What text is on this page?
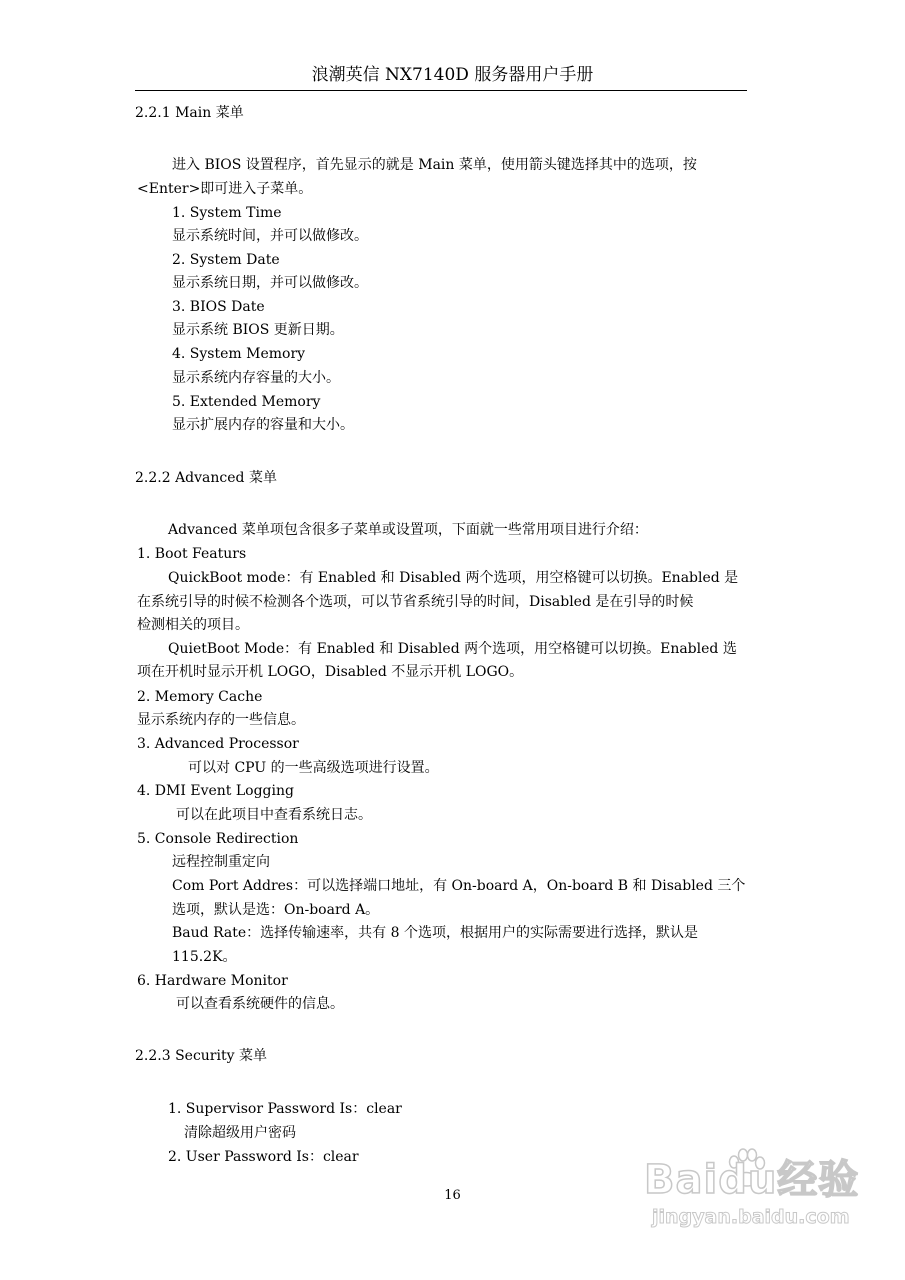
浪潮英信 NX7140D 服务器用户手册
2.2.1 Main 菜单
进入 BIOS 设置程序，首先显示的就是 Main 菜单，使用箭头键选择其中的选项，按
<Enter>即可进入子菜单。
1. System Time
显示系统时间，并可以做修改。
2. System Date
显示系统日期，并可以做修改。
3. BIOS Date
显示系统 BIOS 更新日期。
4. System Memory
显示系统内存容量的大小。
5. Extended Memory
显示扩展内存的容量和大小。
2.2.2 Advanced 菜单
Advanced 菜单项包含很多子菜单或设置项，下面就一些常用项目进行介绍：
1. Boot Featurs
QuickBoot mode：有 Enabled 和 Disabled 两个选项，用空格键可以切换。Enabled 是
在系统引导的时候不检测各个选项，可以节省系统引导的时间，Disabled 是在引导的时候
检测相关的项目。
QuietBoot Mode：有 Enabled 和 Disabled 两个选项，用空格键可以切换。Enabled 选
项在开机时显示开机 LOGO，Disabled 不显示开机 LOGO。
2. Memory Cache
显示系统内存的一些信息。
3. Advanced Processor
可以对 CPU 的一些高级选项进行设置。
4. DMI Event Logging
可以在此项目中查看系统日志。
5. Console Redirection
远程控制重定向
Com Port Addres：可以选择端口地址，有 On-board A，On-board B 和 Disabled 三个
选项，默认是选：On-board A。
Baud Rate：选择传输速率，共有 8 个选项，根据用户的实际需要进行选择，默认是
115.2K。
6. Hardware Monitor
可以查看系统硬件的信息。
2.2.3 Security 菜单
1. Supervisor Password Is：clear
清除超级用户密码
2. User Password Is：clear
16	Baidu经验
jingyan.baidu.com
